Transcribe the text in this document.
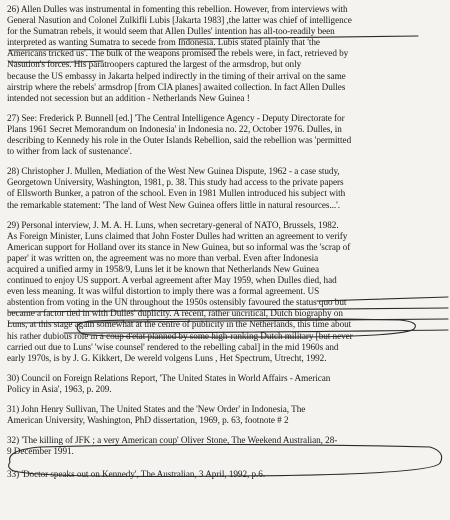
26) Allen Dulles was instrumental in fomenting this rebellion. However, from interviews with

General Nasution and Colonel Zulkifli Lubis [Jakarta 1983] ,the latter was chief of intelligence

for the Sumatran rebels, it would seem that Allen Dulles' intention has all-too-readily been

interpreted as wanting Sumatra to secede from Indonesia. Lubis stated plainly that 'the

Americans tricked us'. The bulk of the weapons promised the rebels were, in fact, retrieved by

Nasution's forces. His paratroopers captured the largest of the armsdrop, but only

because the US embassy in Jakarta helped indirectly in the timing of their arrival on the same

airstrip where the rebels' armsdrop [from CIA planes] awaited collection. In fact Allen Dulles

intended not secession but an addition - Netherlands New Guinea !

27) See: Frederick P. Bunnell [ed.] 'The Central Intelligence Agency - Deputy Directorate for

Plans 1961 Secret Memorandum on Indonesia' in Indonesia no. 22, October 1976. Dulles, in

describing to Kennedy his role in the Outer Islands Rebellion, said the rebellion was 'permitted

to wither from lack of sustenance'.

28) Christopher J. Mullen, Mediation of the West New Guinea Dispute, 1962 - a case study,

Georgetown University, Washington, 1981, p. 38. This study had access to the private papers

of Ellsworth Bunker, a patron of the school. Even in 1981 Mullen introduced his subject with

the remarkable statement: 'The land of West New Guinea offers little in natural resources...'.

29) Personal interview, J. M. A. H. Luns, when secretary-general of NATO, Brussels, 1982.

As Foreign Minister, Luns claimed that John Foster Dulles had written an agreement to verify

American support for Holland over its stance in New Guinea, but so informal was the 'scrap of

paper' it was written on, the agreement was no more than verbal. Even after Indonesia

acquired a unified army in 1958/9, Luns let it be known that Netherlands New Guinea

continued to enjoy US support. A verbal agreement after May 1959, when Dulles died, had

even less meaning. It was wilful distortion to imply there was a formal agreement. US

abstention from voting in the UN throughout the 1950s ostensibly favoured the status quo but

became a factor tied in with Dulles' duplicity. A recent, rather uncritical, Dutch biography on

Luns, at this stage again somewhat at the centre of publicity in the Netherlands, this time about

his rather dubious role in a coup d'etat planned by some high-ranking Dutch military [but never

carried out due to Luns' 'wise counsel' rendered to the rebelling cabal] in the mid 1960s and

early 1970s, is by J. G. Kikkert, De wereld volgens Luns , Het Spectrum, Utrecht, 1992.

30) Council on Foreign Relations Report, 'The United States in World Affairs - American

Policy in Asia', 1963, p. 209.

31) John Henry Sullivan, The United States and the 'New Order' in Indonesia, The

American University, Washington, PhD dissertation, 1969, p. 63, footnote # 2

32) 'The killing of JFK ; a very American coup' Oliver Stone, The Weekend Australian, 28-

9 December 1991.

33) 'Doctor speaks out on Kennedy', The Australian, 3 April, 1992, p.6.
